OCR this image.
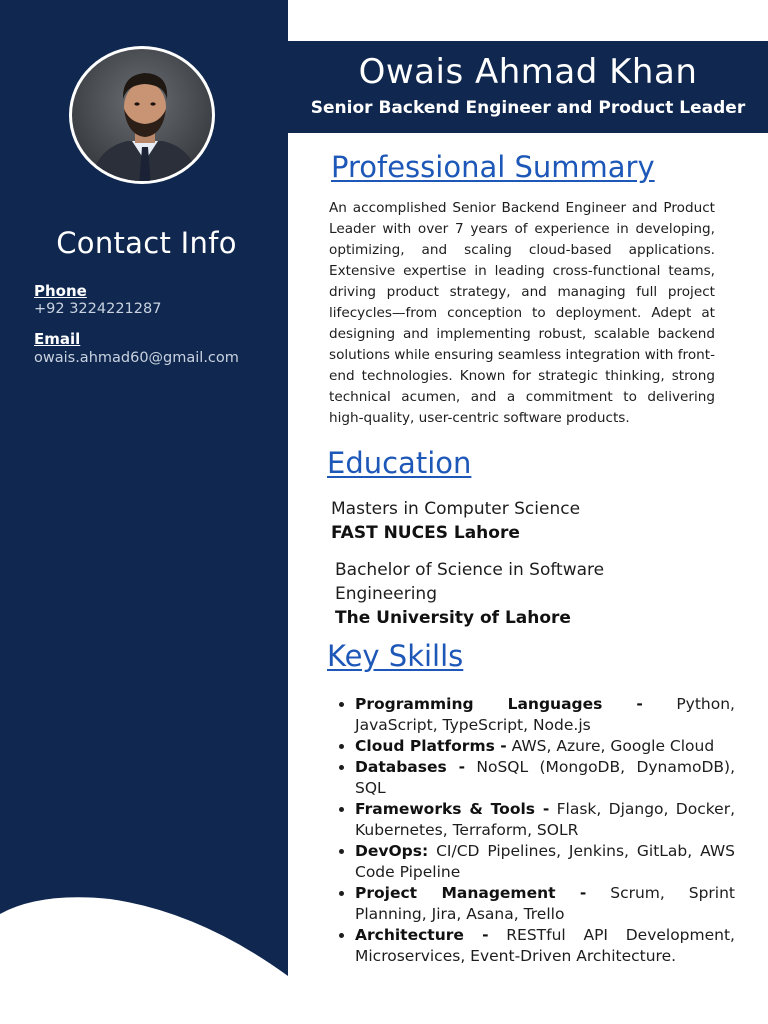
Contact Info
Phone
+92 3224221287
Email
owais.ahmad60@gmail.com
Owais Ahmad Khan
Senior Backend Engineer and Product Leader
Professional Summary

An accomplished Senior Backend Engineer and Product Leader with over 7 years of experience in developing, optimizing, and scaling cloud-based applications. Extensive expertise in leading cross-functional teams, driving product strategy, and managing full project lifecycles—from conception to deployment. Adept at designing and implementing robust, scalable backend solutions while ensuring seamless integration with front-end technologies. Known for strategic thinking, strong technical acumen, and a commitment to delivering high-quality, user-centric software products.

Education
Masters in Computer Science
FAST NUCES Lahore
Bachelor of Science in Software Engineering
The University of Lahore
Key Skills
• Programming Languages - Python, JavaScript, TypeScript, Node.js
• Cloud Platforms - AWS, Azure, Google Cloud
• Databases - NoSQL (MongoDB, DynamoDB), SQL
• Frameworks & Tools - Flask, Django, Docker, Kubernetes, Terraform, SOLR
• DevOps: CI/CD Pipelines, Jenkins, GitLab, AWS Code Pipeline
• Project Management - Scrum, Sprint Planning, Jira, Asana, Trello
• Architecture - RESTful API Development, Microservices, Event-Driven Architecture.
